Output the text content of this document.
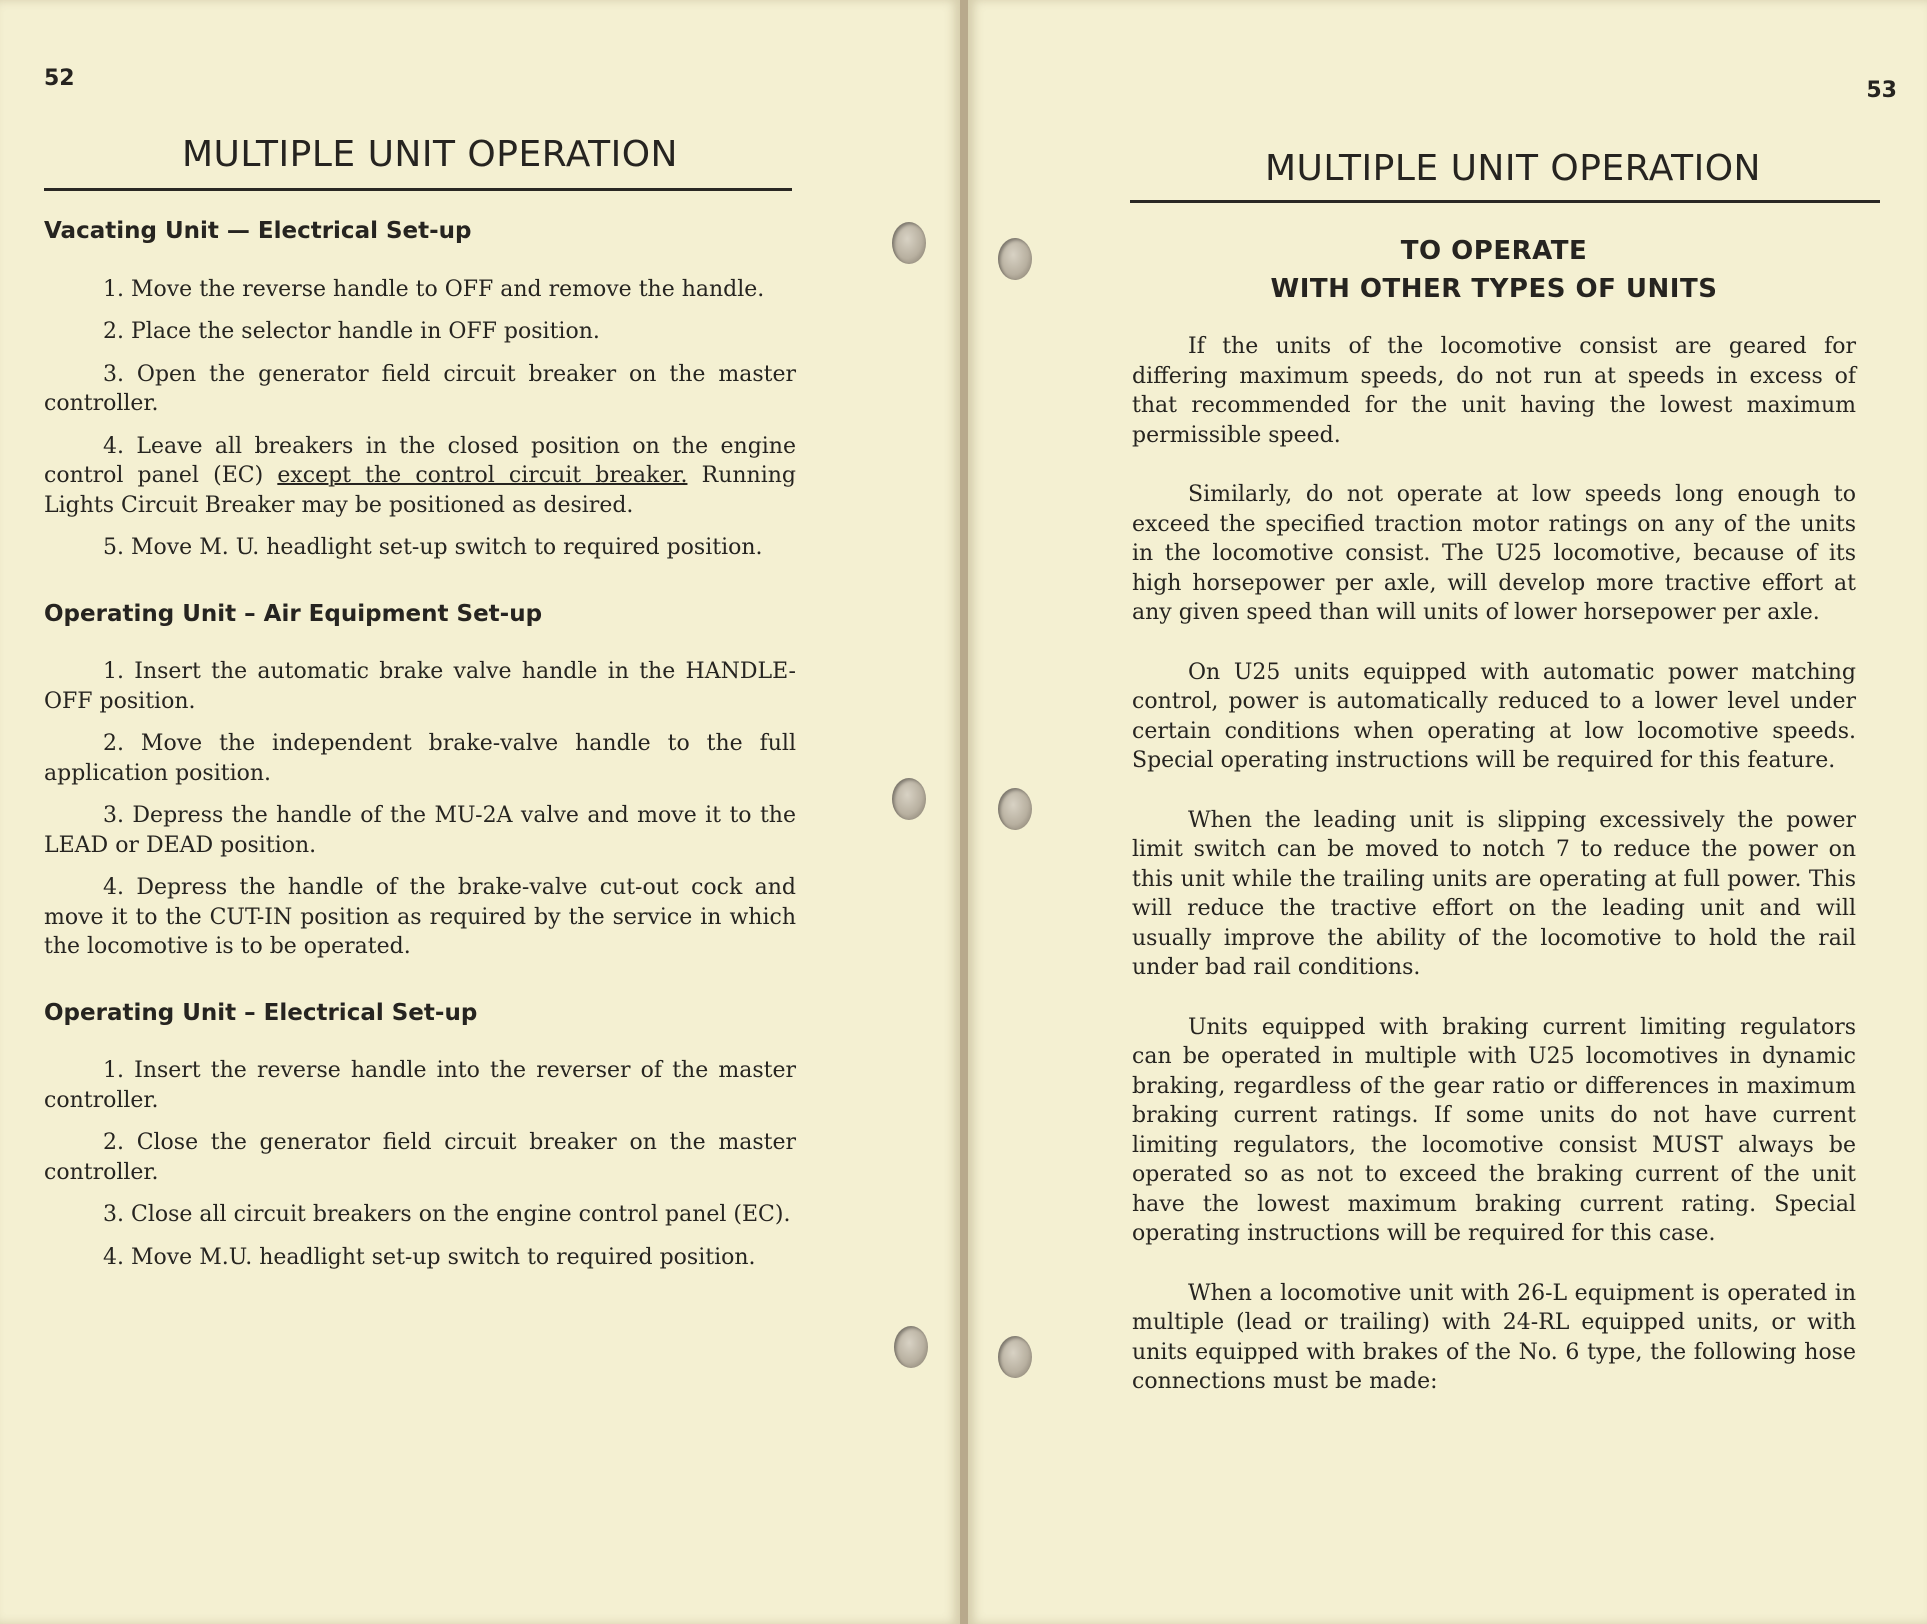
52
MULTIPLE UNIT OPERATION
Vacating Unit — Electrical Set-up

1. Move the reverse handle to OFF and remove the handle.

2. Place the selector handle in OFF position.

3. Open the generator field circuit breaker on the master controller.

4. Leave all breakers in the closed position on the engine control panel (EC) except the control circuit breaker. Running Lights Circuit Breaker may be positioned as desired.

5. Move M. U. headlight set-up switch to required position.

Operating Unit – Air Equipment Set-up

1. Insert the automatic brake valve handle in the HANDLE-OFF position.

2. Move the independent brake-valve handle to the full application position.

3. Depress the handle of the MU-2A valve and move it to the LEAD or DEAD position.

4. Depress the handle of the brake-valve cut-out cock and move it to the CUT-IN position as required by the service in which the locomotive is to be operated.

Operating Unit – Electrical Set-up

1. Insert the reverse handle into the reverser of the master controller.

2. Close the generator field circuit breaker on the master controller.

3. Close all circuit breakers on the engine control panel (EC).

4. Move M.U. headlight set-up switch to required position.

53
MULTIPLE UNIT OPERATION
TO OPERATE
WITH OTHER TYPES OF UNITS

If the units of the locomotive consist are geared for differing maximum speeds, do not run at speeds in excess of that recommended for the unit having the lowest maximum permissible speed.

Similarly, do not operate at low speeds long enough to exceed the specified traction motor ratings on any of the units in the locomotive consist. The U25 locomotive, because of its high horsepower per axle, will develop more tractive effort at any given speed than will units of lower horsepower per axle.

On U25 units equipped with automatic power matching control, power is automatically reduced to a lower level under certain conditions when operating at low locomotive speeds. Special operating instructions will be required for this feature.

When the leading unit is slipping excessively the power limit switch can be moved to notch 7 to reduce the power on this unit while the trailing units are operating at full power. This will reduce the tractive effort on the leading unit and will usually improve the ability of the locomotive to hold the rail under bad rail conditions.

Units equipped with braking current limiting regulators can be operated in multiple with U25 locomotives in dynamic braking, regardless of the gear ratio or differences in maximum braking current ratings. If some units do not have current limiting regulators, the locomotive consist MUST always be operated so as not to exceed the braking current of the unit have the lowest maximum braking current rating. Special operating instructions will be required for this case.

When a locomotive unit with 26-L equipment is operated in multiple (lead or trailing) with 24-RL equipped units, or with units equipped with brakes of the No. 6 type, the following hose connections must be made:
